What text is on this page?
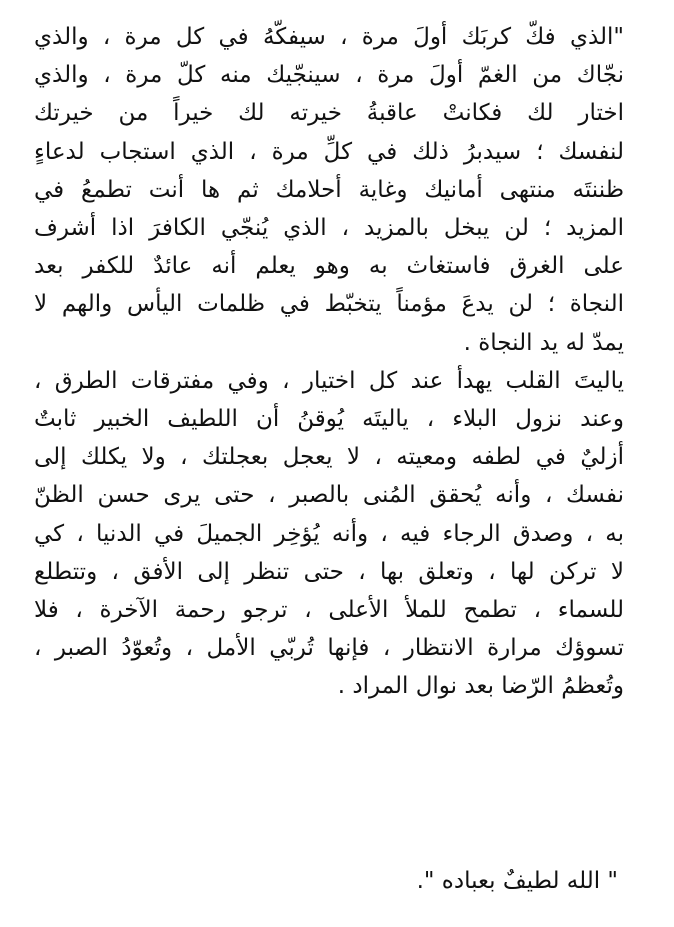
"الذي فكّ كربَك أولَ مرة ، سيفكّهُ في كل مرة ، والذي
نجّاك من الغمّ أولَ مرة ، سينجّيك منه كلّ مرة ، والذي
اختار لك فكانتْ عاقبةُ خيرته لك خيراً من خيرتك
لنفسك ؛ سيدبرُ ذلك في كلِّ مرة ، الذي استجاب لدعاءٍ
ظننتَه منتهى أمانيك وغاية أحلامك ثم ها أنت تطمعُ في
المزيد ؛ لن يبخل بالمزيد ، الذي يُنجّي الكافرَ اذا أشرف
على الغرق فاستغاث به وهو يعلم أنه عائدٌ للكفر بعد
النجاة ؛ لن يدعَ مؤمناً يتخبّط في ظلمات اليأس والهم لا
يمدّ له يد النجاة .
ياليتَ القلب يهدأ عند كل اختيار ، وفي مفترقات الطرق ،
وعند نزول البلاء ، ياليتَه يُوقنُ أن اللطيف الخبير ثابتٌ
أزليٌ في لطفه ومعيته ، لا يعجل بعجلتك ، ولا يكلك إلى
نفسك ، وأنه يُحقق المُنى بالصبر ، حتى يرى حسن الظنّ
به ، وصدق الرجاء فيه ، وأنه يُؤخِر الجميلَ في الدنيا ، كي
لا تركن لها ، وتعلق بها ، حتى تنظر إلى الأفق ، وتتطلع
للسماء ، تطمح للملأ الأعلى ، ترجو رحمة الآخرة ، فلا
تسوؤك مرارة الانتظار ، فإنها تُربّي الأمل ، وتُعوّدُ الصبر ،
وتُعظمُ الرّضا بعد نوال المراد .
" الله لطيفٌ بعباده ".
